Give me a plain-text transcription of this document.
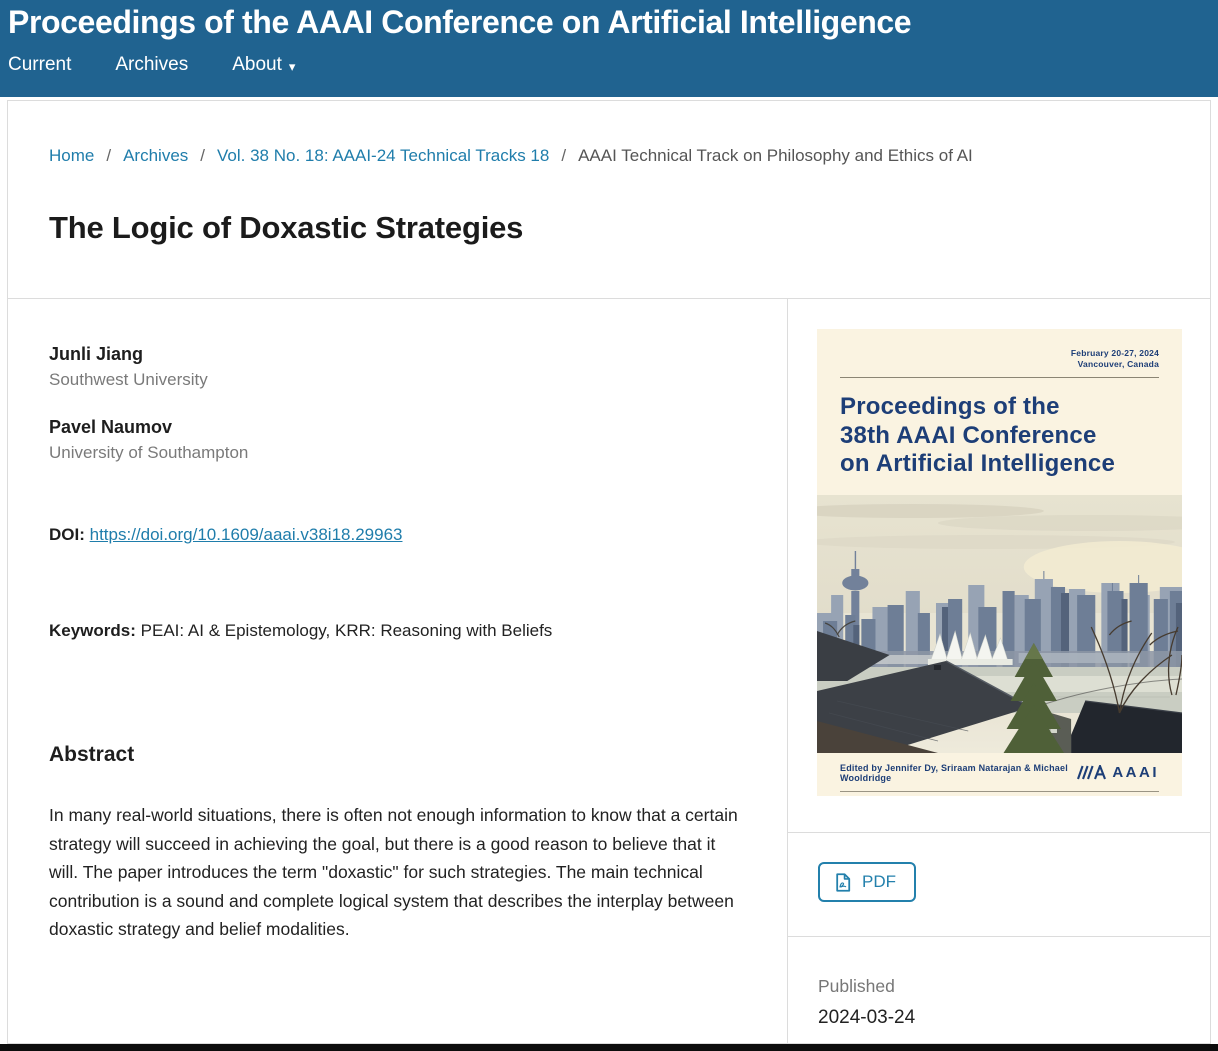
Proceedings of the AAAI Conference on Artificial Intelligence
Current Archives About ▾
Home / Archives / Vol. 38 No. 18: AAAI-24 Technical Tracks 18 / AAAI Technical Track on Philosophy and Ethics of AI
The Logic of Doxastic Strategies

Junli Jiang

Southwest University

Pavel Naumov

University of Southampton

DOI: https://doi.org/10.1609/aaai.v38i18.29963

Keywords: PEAI: AI & Epistemology, KRR: Reasoning with Beliefs

Abstract

In many real-world situations, there is often not enough information to know that a certain strategy will succeed in achieving the goal, but there is a good reason to believe that it will. The paper introduces the term "doxastic" for such strategies. The main technical contribution is a sound and complete logical system that describes the interplay between doxastic strategy and belief modalities.

February 20-27, 2024
Vancouver, Canada
Proceedings of the
38th AAAI Conference
on Artificial Intelligence
Edited by Jennifer Dy, Sriraam Natarajan & Michael Wooldridge	AAAI
PDF
Published
2024-03-24
